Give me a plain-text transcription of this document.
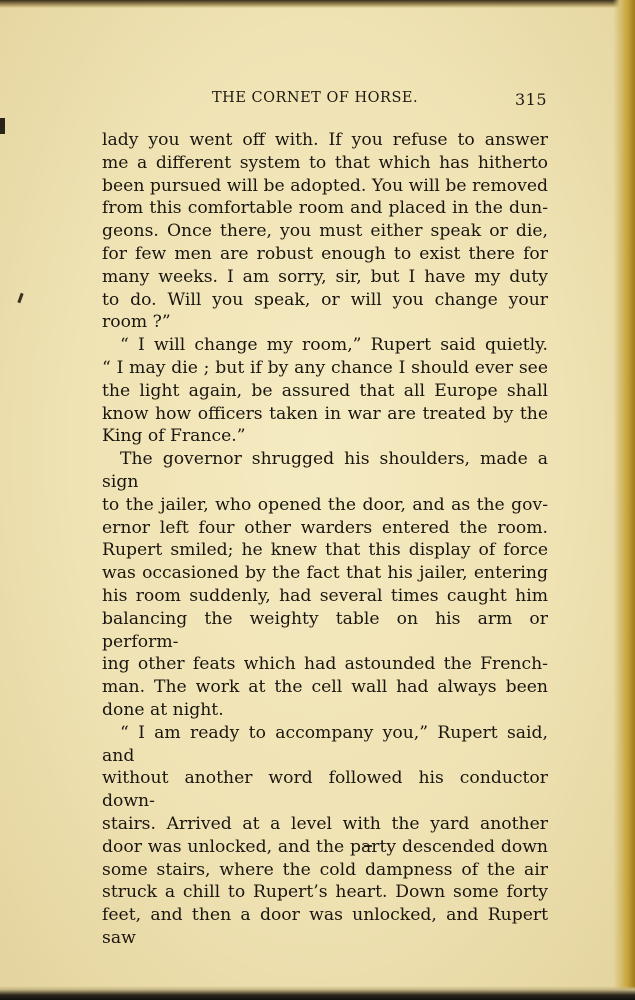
THE CORNET OF HORSE.	315

lady you went off with. If you refuse to answer

me a different system to that which has hitherto

been pursued will be adopted. You will be removed

from this comfortable room and placed in the dun-

geons. Once there, you must either speak or die,

for few men are robust enough to exist there for

many weeks. I am sorry, sir, but I have my duty

to do. Will you speak, or will you change your

room ?”

“ I will change my room,” Rupert said quietly.

“ I may die ; but if by any chance I should ever see

the light again, be assured that all Europe shall

know how officers taken in war are treated by the

King of France.”

The governor shrugged his shoulders, made a sign

to the jailer, who opened the door, and as the gov-

ernor left four other warders entered the room.

Rupert smiled; he knew that this display of force

was occasioned by the fact that his jailer, entering

his room suddenly, had several times caught him

balancing the weighty table on his arm or perform-

ing other feats which had astounded the French-

man. The work at the cell wall had always been

done at night.

“ I am ready to accompany you,” Rupert said, and

without another word followed his conductor down-

stairs. Arrived at a level with the yard another

door was unlocked, and the party descended down

some stairs, where the cold dampness of the air

struck a chill to Rupert’s heart. Down some forty

feet, and then a door was unlocked, and Rupert saw
